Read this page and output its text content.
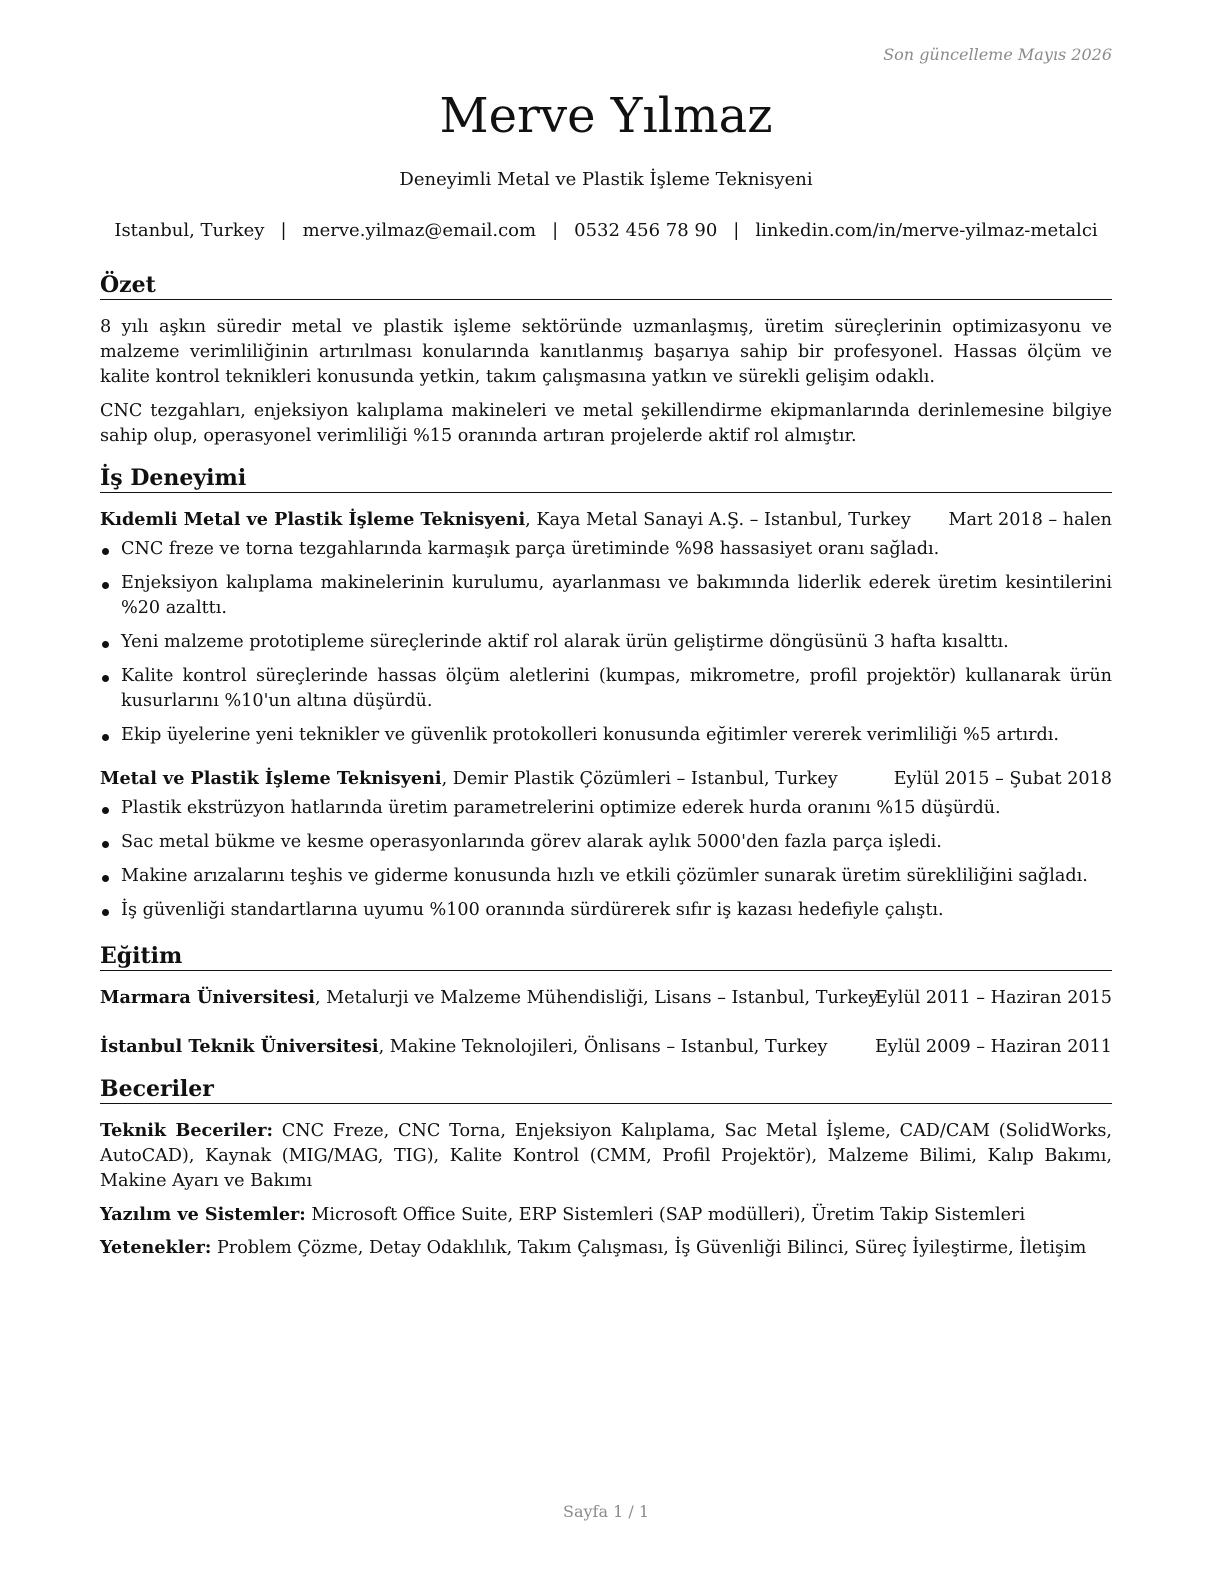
Son güncelleme Mayıs 2026
Merve Yılmaz
Deneyimli Metal ve Plastik İşleme Teknisyeni
Istanbul, Turkey | merve.yilmaz@email.com | 0532 456 78 90 | linkedin.com/in/merve-yilmaz-metalci
Özet

8 yılı aşkın süredir metal ve plastik işleme sektöründe uzmanlaşmış, üretim süreçlerinin optimizasyonu ve malzeme verimliliğinin artırılması konularında kanıtlanmış başarıya sahip bir profesyonel. Hassas ölçüm ve kalite kontrol teknikleri konusunda yetkin, takım çalışmasına yatkın ve sürekli gelişim odaklı.

CNC tezgahları, enjeksiyon kalıplama makineleri ve metal şekillendirme ekipmanlarında derinlemesine bilgiye sahip olup, operasyonel verimliliği %15 oranında artıran projelerde aktif rol almıştır.

İş Deneyimi
Kıdemli Metal ve Plastik İşleme Teknisyeni, Kaya Metal Sanayi A.Ş. – Istanbul, Turkey Mart 2018 – halen
CNC freze ve torna tezgahlarında karmaşık parça üretiminde %98 hassasiyet oranı sağladı.
Enjeksiyon kalıplama makinelerinin kurulumu, ayarlanması ve bakımında liderlik ederek üretim kesintilerini %20 azalttı.
Yeni malzeme prototipleme süreçlerinde aktif rol alarak ürün geliştirme döngüsünü 3 hafta kısalttı.
Kalite kontrol süreçlerinde hassas ölçüm aletlerini (kumpas, mikrometre, profil projektör) kullanarak ürün kusurlarını %10'un altına düşürdü.
Ekip üyelerine yeni teknikler ve güvenlik protokolleri konusunda eğitimler vererek verimliliği %5 artırdı.
Metal ve Plastik İşleme Teknisyeni, Demir Plastik Çözümleri – Istanbul, Turkey	Eylül 2015 – Şubat 2018
Plastik ekstrüzyon hatlarında üretim parametrelerini optimize ederek hurda oranını %15 düşürdü.
Sac metal bükme ve kesme operasyonlarında görev alarak aylık 5000'den fazla parça işledi.
Makine arızalarını teşhis ve giderme konusunda hızlı ve etkili çözümler sunarak üretim sürekliliğini sağladı.
İş güvenliği standartlarına uyumu %100 oranında sürdürerek sıfır iş kazası hedefiyle çalıştı.
Eğitim
Marmara Üniversitesi, Metalurji ve Malzeme Mühendisliği, Lisans – Istanbul, Turkey
Eylül 2011 – Haziran 2015
İstanbul Teknik Üniversitesi, Makine Teknolojileri, Önlisans – Istanbul, Turkey	Eylül 2009 – Haziran 2011
Beceriler

Teknik Beceriler: CNC Freze, CNC Torna, Enjeksiyon Kalıplama, Sac Metal İşleme, CAD/CAM (SolidWorks, AutoCAD), Kaynak (MIG/MAG, TIG), Kalite Kontrol (CMM, Profil Projektör), Malzeme Bilimi, Kalıp Bakımı, Makine Ayarı ve Bakımı

Yazılım ve Sistemler: Microsoft Office Suite, ERP Sistemleri (SAP modülleri), Üretim Takip Sistemleri

Yetenekler: Problem Çözme, Detay Odaklılık, Takım Çalışması, İş Güvenliği Bilinci, Süreç İyileştirme, İletişim

Sayfa 1 / 1
